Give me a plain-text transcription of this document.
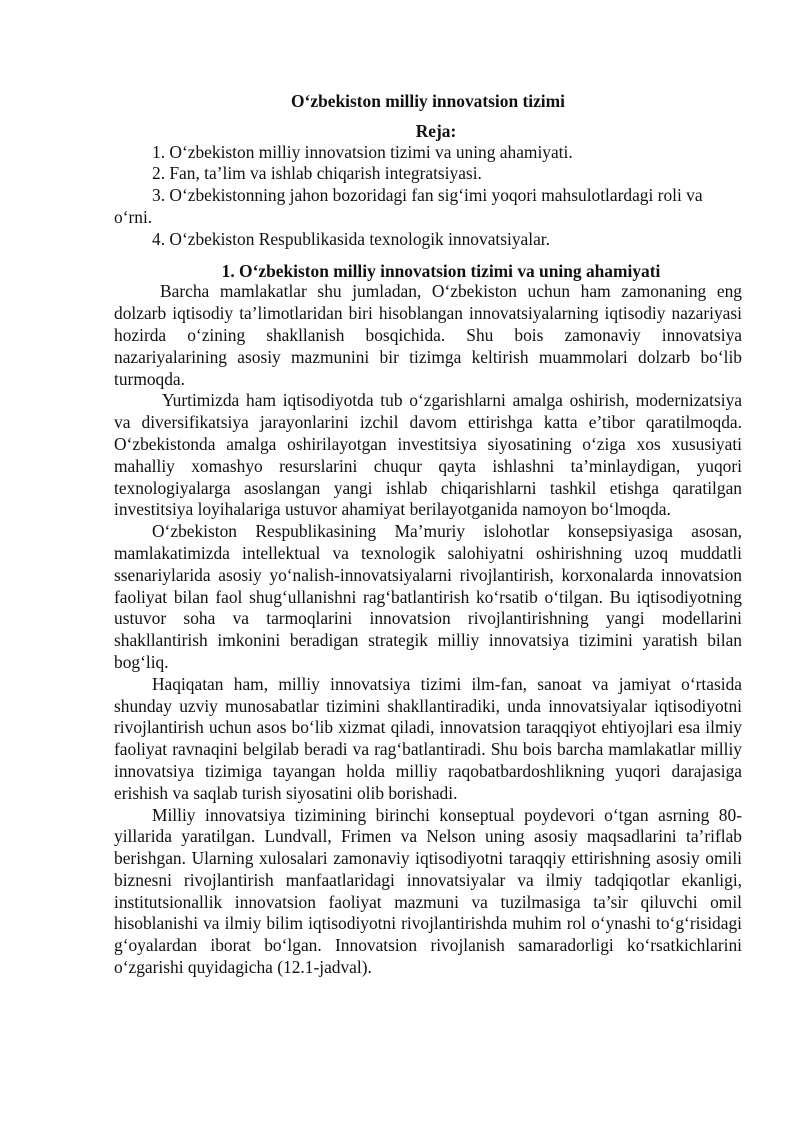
O‘zbekiston milliy innovatsion tizimi

Reja:

1. O‘zbekiston milliy innovatsion tizimi va uning ahamiyati.
2. Fan, ta’lim va ishlab chiqarish integratsiyasi.
3. O‘zbekistonning jahon bozoridagi fan sig‘imi yoqori mahsulotlardagi roli va o‘rni.
4. O‘zbekiston Respublikasida texnologik innovatsiyalar.

1. O‘zbekiston milliy innovatsion tizimi va uning ahamiyati

Barcha mamlakatlar shu jumladan, O‘zbekiston uchun ham zamonaning eng dolzarb iqtisodiy ta’limotlaridan biri hisoblangan innovatsiyalarning iqtisodiy nazariyasi hozirda o‘zining shakllanish bosqichida. Shu bois zamonaviy innovatsiya nazariyalarining asosiy mazmunini bir tizimga keltirish muammolari dolzarb bo‘lib turmoqda.

Yurtimizda ham iqtisodiyotda tub o‘zgarishlarni amalga oshirish, modernizatsiya va diversifikatsiya jarayonlarini izchil davom ettirishga katta e’tibor qaratilmoqda. O‘zbekistonda amalga oshirilayotgan investitsiya siyosatining o‘ziga xos xususiyati mahalliy xomashyo resurslarini chuqur qayta ishlashni ta’minlaydigan, yuqori texnologiyalarga asoslangan yangi ishlab chiqarishlarni tashkil etishga qaratilgan investitsiya loyihalariga ustuvor ahamiyat berilayotganida namoyon bo‘lmoqda.

O‘zbekiston Respublikasining Ma’muriy islohotlar konsepsiyasiga asosan, mamlakatimizda intellektual va texnologik salohiyatni oshirishning uzoq muddatli ssenariylarida asosiy yo‘nalish-innovatsiyalarni rivojlantirish, korxonalarda innovatsion faoliyat bilan faol shug‘ullanishni rag‘batlantirish ko‘rsatib o‘tilgan. Bu iqtisodiyotning ustuvor soha va tarmoqlarini innovatsion rivojlantirishning yangi modellarini shakllantirish imkonini beradigan strategik milliy innovatsiya tizimini yaratish bilan bog‘liq.

Haqiqatan ham, milliy innovatsiya tizimi ilm-fan, sanoat va jamiyat o‘rtasida shunday uzviy munosabatlar tizimini shakllantiradiki, unda innovatsiyalar iqtisodiyotni rivojlantirish uchun asos bo‘lib xizmat qiladi, innovatsion taraqqiyot ehtiyojlari esa ilmiy faoliyat ravnaqini belgilab beradi va rag‘batlantiradi. Shu bois barcha mamlakatlar milliy innovatsiya tizimiga tayangan holda milliy raqobatbardoshlikning yuqori darajasiga erishish va saqlab turish siyosatini olib borishadi.

Milliy innovatsiya tizimining birinchi konseptual poydevori o‘tgan asrning 80-yillarida yaratilgan. Lundvall, Frimen va Nelson uning asosiy maqsadlarini ta’riflab berishgan. Ularning xulosalari zamonaviy iqtisodiyotni taraqqiy ettirishning asosiy omili biznesni rivojlantirish manfaatlaridagi innovatsiyalar va ilmiy tadqiqotlar ekanligi, institutsionallik innovatsion faoliyat mazmuni va tuzilmasiga ta’sir qiluvchi omil hisoblanishi va ilmiy bilim iqtisodiyotni rivojlantirishda muhim rol o‘ynashi to‘g‘risidagi g‘oyalardan iborat bo‘lgan. Innovatsion rivojlanish samaradorligi ko‘rsatkichlarini o‘zgarishi quyidagicha (12.1-jadval).
